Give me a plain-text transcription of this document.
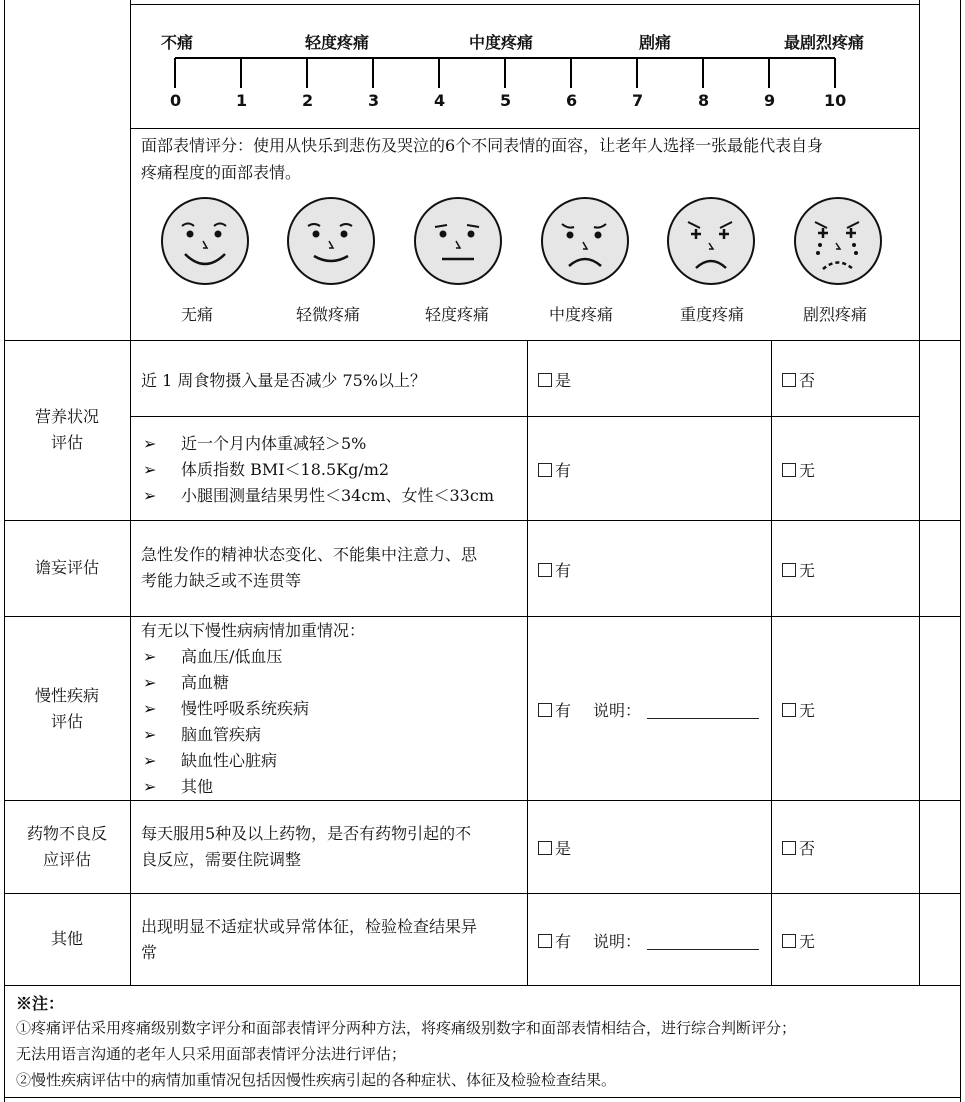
不痛	轻度疼痛	中度疼痛	剧痛	最剧烈疼痛
0	1	2	3	4	5	6	7	8	9	10
面部表情评分：使用从快乐到悲伤及哭泣的6个不同表情的面容，让老年人选择一张最能代表自身
疼痛程度的面部表情。
无痛	轻微疼痛	轻度疼痛	中度疼痛	重度疼痛	剧烈疼痛
营养状况
评估
近 1 周食物摄入量是否减少 75%以上？	是	否
➢ 近一个月内体重减轻＞5%
➢ 体质指数 BMI＜18.5Kg/m2
➢ 小腿围测量结果男性＜34cm、女性＜33cm
有	无
谵妄评估
急性发作的精神状态变化、不能集中注意力、思
考能力缺乏或不连贯等
有	无
慢性疾病
评估
有无以下慢性病病情加重情况：
➢ 高血压/低血压
➢ 高血糖
➢ 慢性呼吸系统疾病
➢ 脑血管疾病
➢ 缺血性心脏病
➢ 其他
有 说明：	无
药物不良反
应评估
每天服用5种及以上药物，是否有药物引起的不
良反应，需要住院调整
是	否
其他
出现明显不适症状或异常体征，检验检查结果异
常
有 说明：	无
※注：
①疼痛评估采用疼痛级别数字评分和面部表情评分两种方法，将疼痛级别数字和面部表情相结合，进行综合判断评分；
无法用语言沟通的老年人只采用面部表情评分法进行评估；
②慢性疾病评估中的病情加重情况包括因慢性疾病引起的各种症状、体征及检验检查结果。
